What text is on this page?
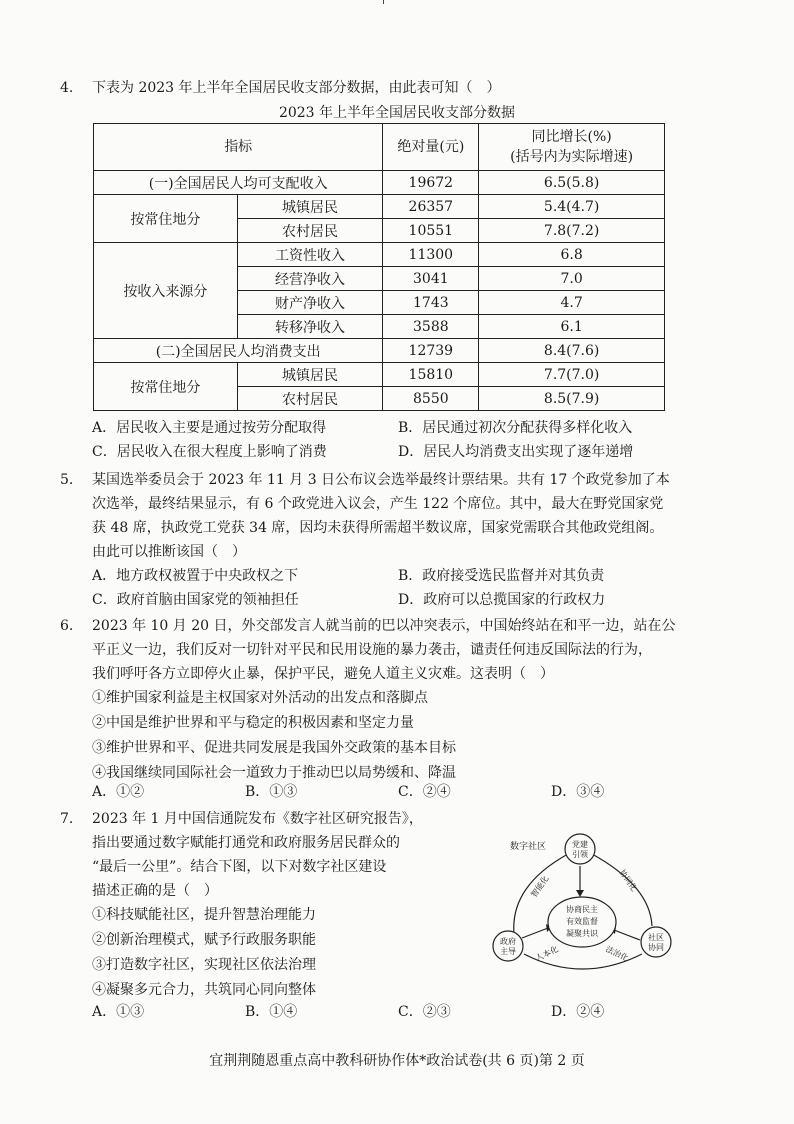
4.	下表为 2023 年上半年全国居民收支部分数据，由此表可知（　）
2023 年上半年全国居民收支部分数据
指标		绝对量(元)	同比增长(%)
(括号内为实际增速)

(一)全国居民人均可支配收入		19672	6.5(5.8)
按常住地分	城镇居民	26357	5.4(4.7)
	农村居民	10551	7.8(7.2)
按收入来源分	工资性收入	11300	6.8
	经营净收入	3041	7.0
	财产净收入	1743	4.7
	转移净收入	3588	6.1
(二)全国居民人均消费支出		12739	8.4(7.6)
按常住地分	城镇居民	15810	7.7(7.0)
	农村居民	8550	8.5(7.9)
A．居民收入主要是通过按劳分配取得	B．居民通过初次分配获得多样化收入
C．居民收入在很大程度上影响了消费	D．居民人均消费支出实现了逐年递增
5.	某国选举委员会于 2023 年 11 月 3 日公布议会选举最终计票结果。共有 17 个政党参加了本
次选举，最终结果显示，有 6 个政党进入议会，产生 122 个席位。其中，最大在野党国家党
获 48 席，执政党工党获 34 席，因均未获得所需超半数议席，国家党需联合其他政党组阁。
由此可以推断该国（　）
A．地方政权被置于中央政权之下	B．政府接受选民监督并对其负责
C．政府首脑由国家党的领袖担任	D．政府可以总揽国家的行政权力
6.	2023 年 10 月 20 日，外交部发言人就当前的巴以冲突表示，中国始终站在和平一边，站在公
平正义一边，我们反对一切针对平民和民用设施的暴力袭击，谴责任何违反国际法的行为，
我们呼吁各方立即停火止暴，保护平民，避免人道主义灾难。这表明（　）
①维护国家利益是主权国家对外活动的出发点和落脚点
②中国是维护世界和平与稳定的积极因素和坚定力量
③维护世界和平、促进共同发展是我国外交政策的基本目标
④我国继续同国际社会一道致力于推动巴以局势缓和、降温
A．①②	B．①③	C．②④	D．③④
7.	2023 年 1 月中国信通院发布《数字社区研究报告》，
指出要通过数字赋能打通党和政府服务居民群众的
“最后一公里”。结合下图，以下对数字社区建设
描述正确的是（　）
①科技赋能社区，提升智慧治理能力
②创新治理模式，赋予行政服务职能
③打造数字社区，实现社区依法治理
④凝聚多元合力，共筑同心同向整体
数字社区
协商民主
有效监督
凝聚共识
党建
引领
政府
主导
社区
协同
智能化	协同化
人本化	法治化
A．①③	B．①④	C．②③	D．②④
宜荆荆随恩重点高中教科研协作体*政治试卷(共 6 页)第 2 页
